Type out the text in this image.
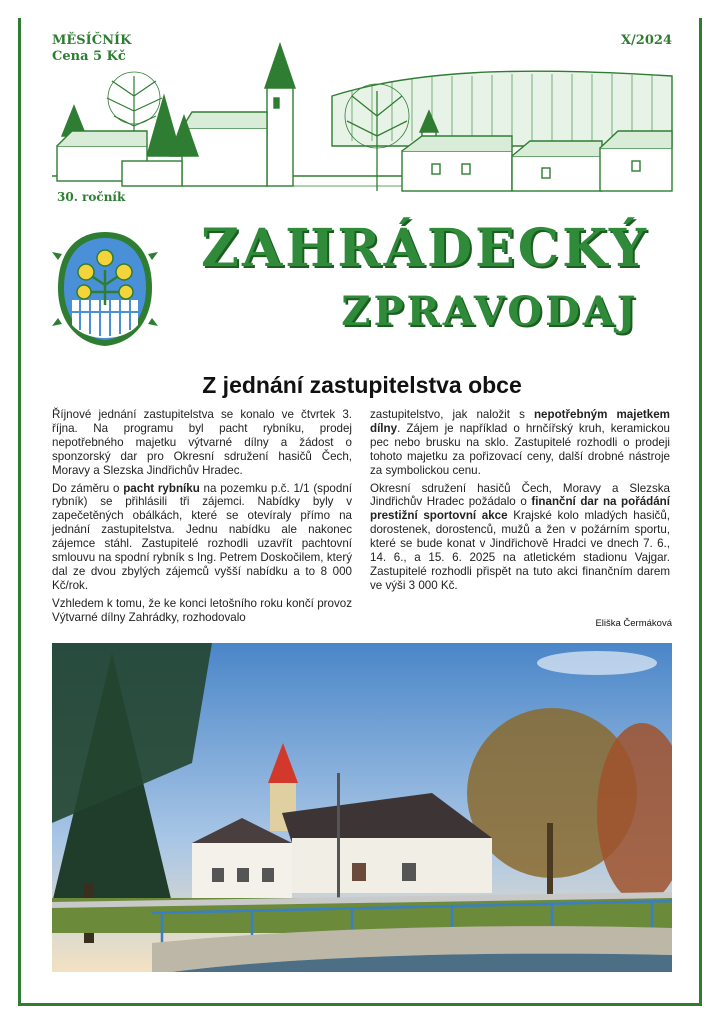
MĚSÍČNÍK
Cena 5 Kč
X/2024
30. ročník
ZAHRÁDECKÝ
ZPRAVODAJ
Z jednání zastupitelstva obce

Říjnové jednání zastupitelstva se konalo ve čtvrtek 3. října. Na programu byl pacht rybníku, prodej nepotřebného majetku výtvarné dílny a žádost o sponzorský dar pro Okresní sdružení hasičů Čech, Moravy a Slezska Jindřichův Hradec.

Do záměru o pacht rybníku na pozemku p.č. 1/1 (spodní rybník) se přihlásili tři zájemci. Nabídky byly v zapečetěných obálkách, které se otevíraly přímo na jednání zastupitelstva. Jednu nabídku ale nakonec zájemce stáhl. Zastupitelé rozhodli uzavřít pachtovní smlouvu na spodní rybník s Ing. Petrem Doskočilem, který dal ze dvou zbylých zájemců vyšší nabídku a to 8 000 Kč/rok.

Vzhledem k tomu, že ke konci letošního roku končí provoz Výtvarné dílny Zahrádky, rozhodovalo

zastupitelstvo, jak naložit s nepotřebným majetkem dílny. Zájem je například o hrnčířský kruh, keramickou pec nebo brusku na sklo. Zastupitelé rozhodli o prodeji tohoto majetku za pořizovací ceny, další drobné nástroje za symbolickou cenu.

Okresní sdružení hasičů Čech, Moravy a Slezska Jindřichův Hradec požádalo o finanční dar na pořádání prestižní sportovní akce Krajské kolo mladých hasičů, dorostenek, dorostenců, mužů a žen v požárním sportu, které se bude konat v Jindřichově Hradci ve dnech 7. 6., 14. 6., a 15. 6. 2025 na atletickém stadionu Vajgar. Zastupitelé rozhodli přispět na tuto akci finančním darem ve výši 3 000 Kč.

Eliška Čermáková
